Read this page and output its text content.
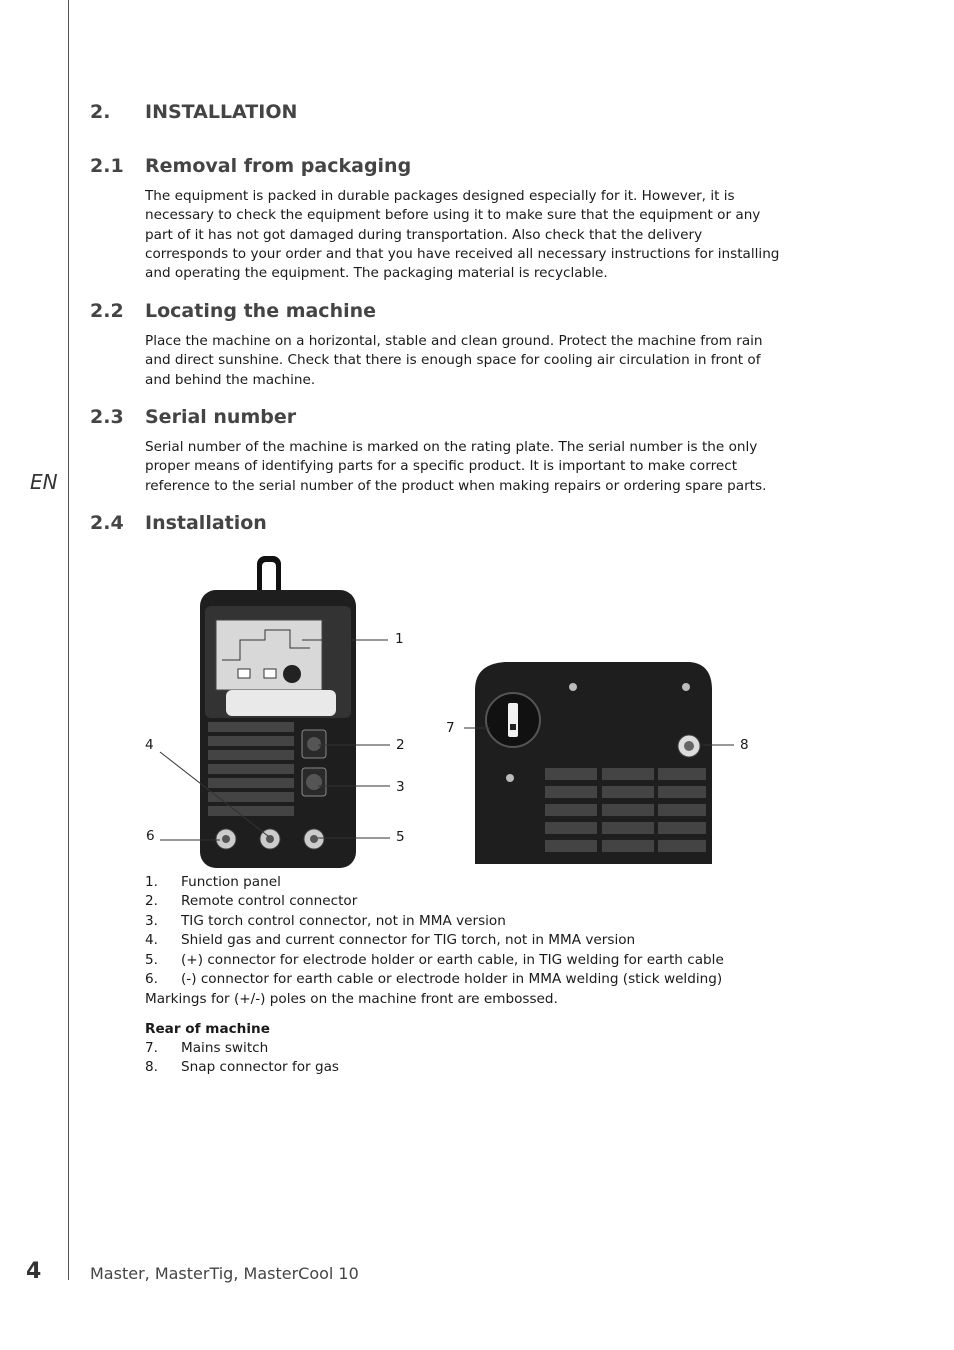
EN
2. INSTALLATION
2.1 Removal from packaging
The equipment is packed in durable packages designed especially for it. However, it is necessary to check the equipment before using it to make sure that the equipment or any part of it has not got damaged during transportation. Also check that the delivery corresponds to your order and that you have received all necessary instructions for installing and operating the equipment. The packaging material is recyclable.
2.2 Locating the machine
Place the machine on a horizontal, stable and clean ground. Protect the machine from rain and direct sunshine. Check that there is enough space for cooling air circulation in front of and behind the machine.
2.3 Serial number
Serial number of the machine is marked on the rating plate. The serial number is the only proper means of identifying parts for a specific product. It is important to make correct reference to the serial number of the product when making repairs or ordering spare parts.
2.4 Installation
1
2
3
4
5
6
7
8
1.	Function panel
2.	Remote control connector
3.	TIG torch control connector, not in MMA version
4.	Shield gas and current connector for TIG torch, not in MMA version
5.	(+) connector for electrode holder or earth cable, in TIG welding for earth cable
6.	(-) connector for earth cable or electrode holder in MMA welding (stick welding)
Markings for (+/-) poles on the machine front are embossed.
Rear of machine
7.	Mains switch
8.	Snap connector for gas
4	Master, MasterTig, MasterCool 10
